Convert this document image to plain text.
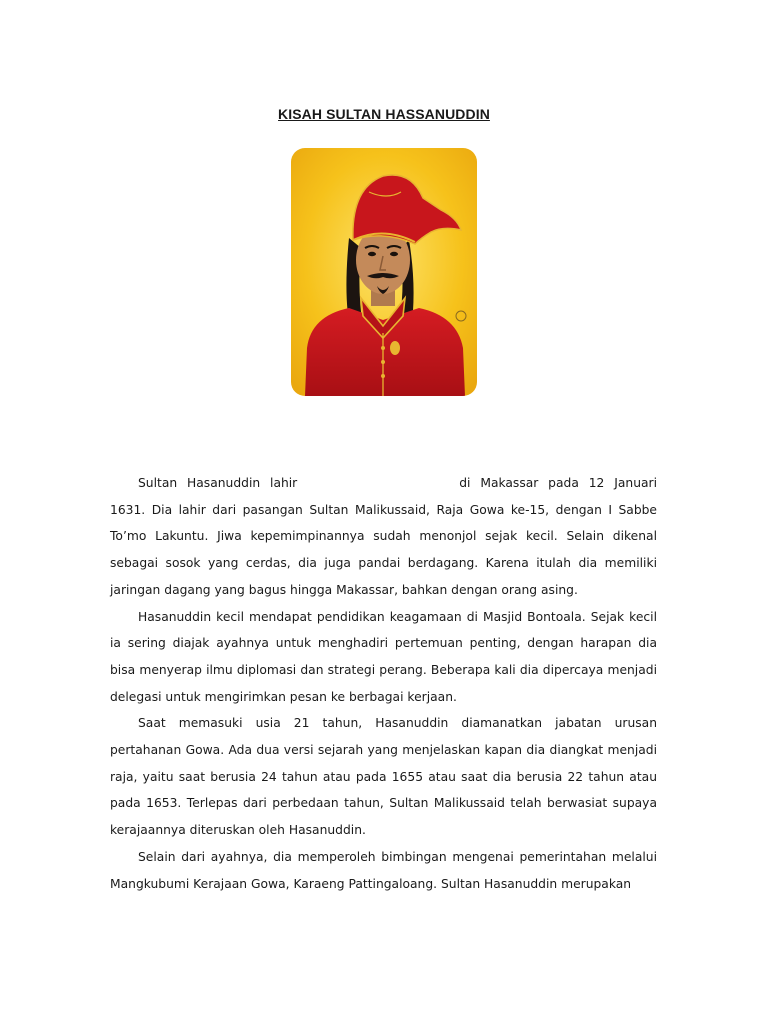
KISAH SULTAN HASSANUDDIN

Sultan Hasanuddin lahir	di Makassar pada 12 Januari 1631. Dia lahir dari pasangan Sultan Malikussaid, Raja Gowa ke-15, dengan I Sabbe To’mo Lakuntu. Jiwa kepemimpinannya sudah menonjol sejak kecil. Selain dikenal sebagai sosok yang cerdas, dia juga pandai berdagang. Karena itulah dia memiliki jaringan dagang yang bagus hingga Makassar, bahkan dengan orang asing.

Hasanuddin kecil mendapat pendidikan keagamaan di Masjid Bontoala. Sejak kecil ia sering diajak ayahnya untuk menghadiri pertemuan penting, dengan harapan dia bisa menyerap ilmu diplomasi dan strategi perang. Beberapa kali dia dipercaya menjadi delegasi untuk mengirimkan pesan ke berbagai kerjaan.

Saat memasuki usia 21 tahun, Hasanuddin diamanatkan jabatan urusan pertahanan Gowa. Ada dua versi sejarah yang menjelaskan kapan dia diangkat menjadi raja, yaitu saat berusia 24 tahun atau pada 1655 atau saat dia berusia 22 tahun atau pada 1653. Terlepas dari perbedaan tahun, Sultan Malikussaid telah berwasiat supaya kerajaannya diteruskan oleh Hasanuddin.

Selain dari ayahnya, dia memperoleh bimbingan mengenai pemerintahan melalui Mangkubumi Kerajaan Gowa, Karaeng Pattingaloang. Sultan Hasanuddin merupakan
